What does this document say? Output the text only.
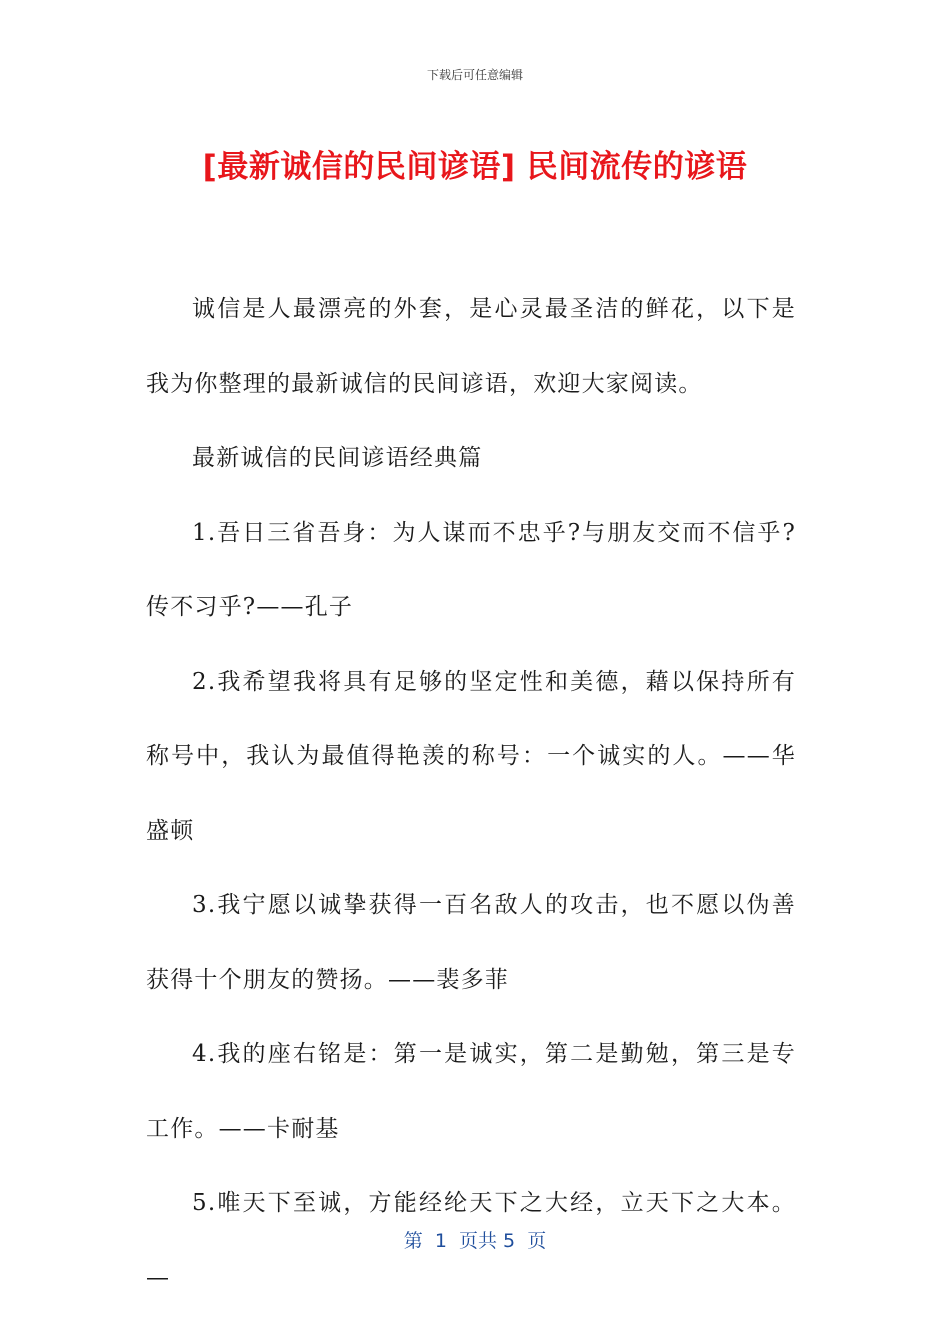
下载后可任意编辑
[最新诚信的民间谚语] 民间流传的谚语

诚信是人最漂亮的外套，是心灵最圣洁的鲜花，以下是我为你整理的最新诚信的民间谚语，欢迎大家阅读。

最新诚信的民间谚语经典篇

1.吾日三省吾身：为人谋而不忠乎?与朋友交而不信乎?传不习乎?——孔子

2.我希望我将具有足够的坚定性和美德，藉以保持所有称号中，我认为最值得艳羡的称号：一个诚实的人。——华盛顿

3.我宁愿以诚挚获得一百名敌人的攻击，也不愿以伪善获得十个朋友的赞扬。——裴多菲

4.我的座右铭是：第一是诚实，第二是勤勉，第三是专工作。——卡耐基

5.唯天下至诚，方能经纶天下之大经，立天下之大本。—

第  1  页共 5  页
